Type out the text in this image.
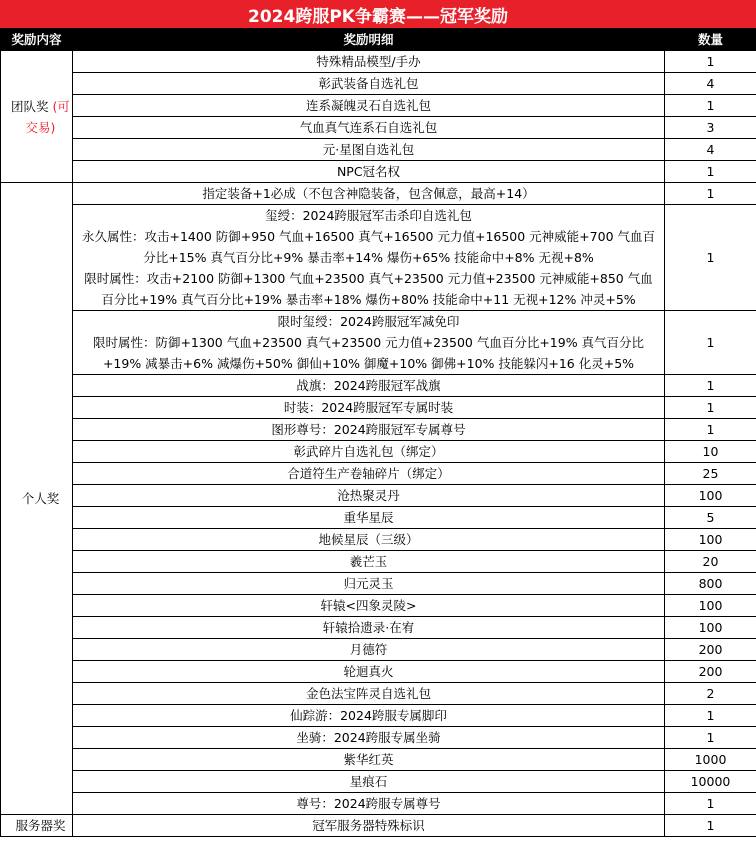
2024跨服PK争霸赛——冠军奖励
奖励内容	奖励明细	数量
团队奖 (可交易)	特殊精品模型/手办	1
	彰武装备自选礼包	4
	连系凝魄灵石自选礼包	1
	气血真气连系石自选礼包	3
	元·星图自选礼包	4
	NPC冠名权	1
个人奖	指定装备+1必成（不包含神隐装备，包含佩意，最高+14）	1

	玺绶：2024跨服冠军击杀印自选礼包
永久属性：攻击+1400 防御+950 气血+16500 真气+16500 元力值+16500 元神威能+700 气血百
分比+15% 真气百分比+9% 暴击率+14% 爆伤+65% 技能命中+8% 无视+8%
限时属性：攻击+2100 防御+1300 气血+23500 真气+23500 元力值+23500 元神威能+850 气血
百分比+19% 真气百分比+19% 暴击率+18% 爆伤+80% 技能命中+11 无视+12% 冲灵+5%	1

	限时玺绶：2024跨服冠军减免印
限时属性：防御+1300 气血+23500 真气+23500 元力值+23500 气血百分比+19% 真气百分比
+19% 减暴击+6% 减爆伤+50% 御仙+10% 御魔+10% 御佛+10% 技能躲闪+16 化灵+5%	1
	战旗：2024跨服冠军战旗	1
	时装：2024跨服冠军专属时装	1
	图形尊号：2024跨服冠军专属尊号	1
	彰武碎片自选礼包（绑定）	10
	合道符生产卷轴碎片（绑定）	25
	沧热聚灵丹	100
	重华星辰	5
	地候星辰（三级）	100
	羲芒玉	20
	归元灵玉	800
	轩辕<四象灵陵>	100
	轩辕拾遗录·在宥	100
	月德符	200
	轮迴真火	200
	金色法宝阵灵自选礼包	2
	仙踪游：2024跨服专属脚印	1
	坐骑：2024跨服专属坐骑	1
	紫华红英	1000
	星痕石	10000
	尊号：2024跨服专属尊号	1
服务器奖	冠军服务器特殊标识	1
